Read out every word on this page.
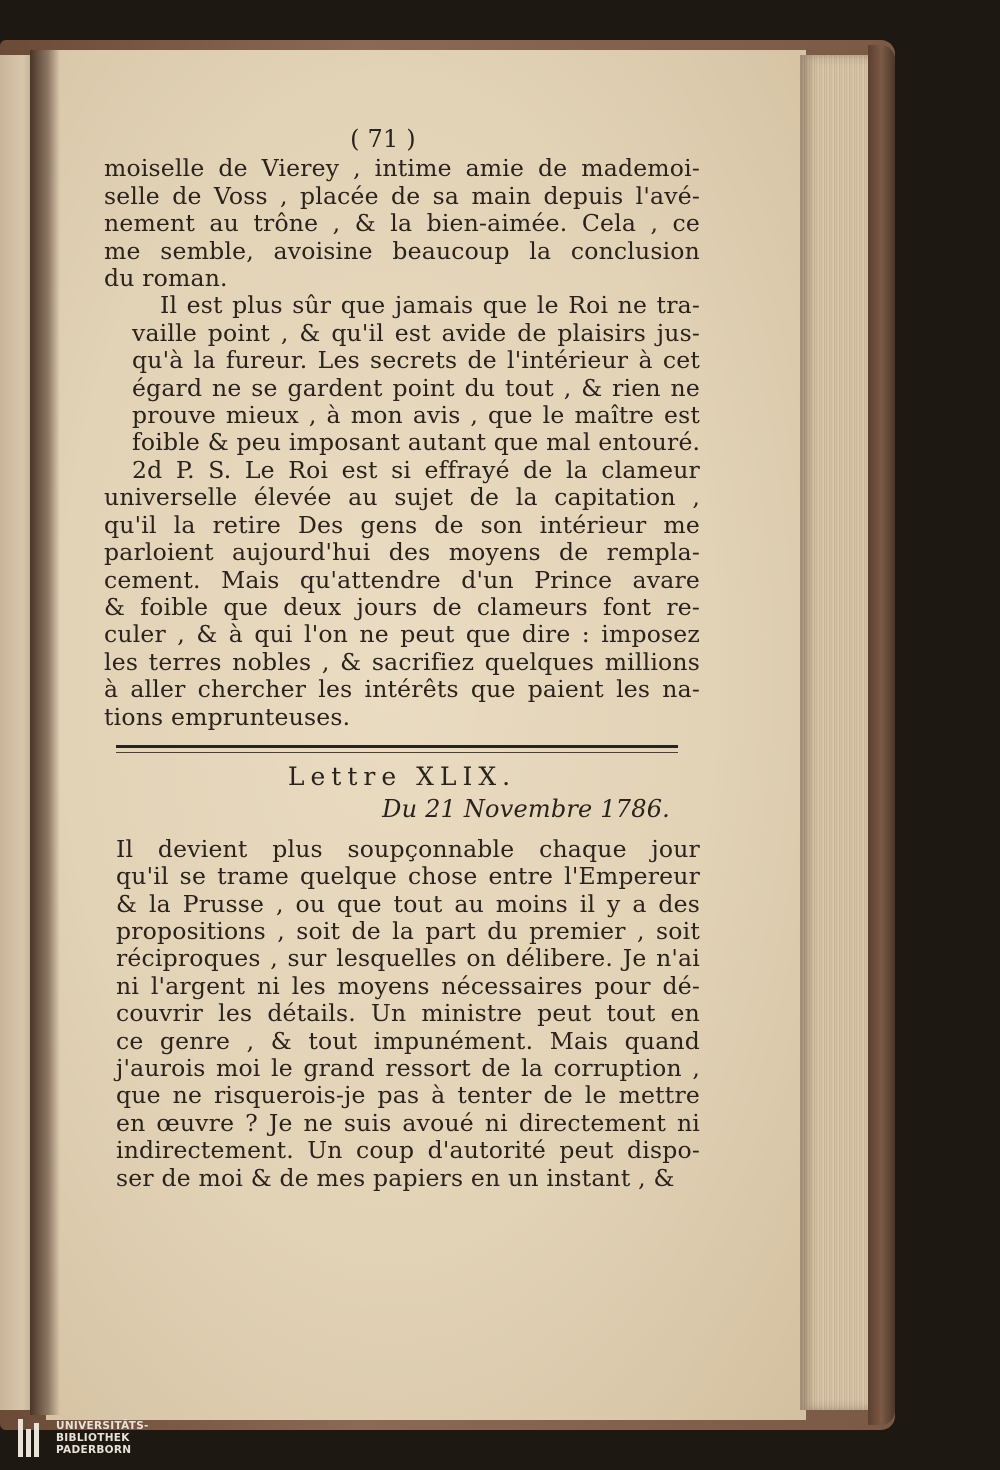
( 71 )
moiselle de Vierey , intime amie de mademoi-
selle de Voss , placée de sa main depuis l'avé-
nement au trône , & la bien-aimée. Cela , ce
me semble, avoisine beaucoup la conclusion
du roman.
Il est plus sûr que jamais que le Roi ne tra-
vaille point , & qu'il est avide de plaisirs jus-
qu'à la fureur. Les secrets de l'intérieur à cet
égard ne se gardent point du tout , & rien ne
prouve mieux , à mon avis , que le maître est
foible & peu imposant autant que mal entouré.
2d P. S. Le Roi est si effrayé de la clameur
universelle élevée au sujet de la capitation ,
qu'il la retire Des gens de son intérieur me
parloient aujourd'hui des moyens de rempla-
cement. Mais qu'attendre d'un Prince avare
& foible que deux jours de clameurs font re-
culer , & à qui l'on ne peut que dire : imposez
les terres nobles , & sacrifiez quelques millions
à aller chercher les intérêts que paient les na-
tions emprunteuses.
Lettre XLIX.
Du 21 Novembre 1786.
Il devient plus soupçonnable chaque jour
qu'il se trame quelque chose entre l'Empereur
& la Prusse , ou que tout au moins il y a des
propositions , soit de la part du premier , soit
réciproques , sur lesquelles on délibere. Je n'ai
ni l'argent ni les moyens nécessaires pour dé-
couvrir les détails. Un ministre peut tout en
ce genre , & tout impunément. Mais quand
j'aurois moi le grand ressort de la corruption ,
que ne risquerois-je pas à tenter de le mettre
en œuvre ? Je ne suis avoué ni directement ni
indirectement. Un coup d'autorité peut dispo-
ser de moi & de mes papiers en un instant , &
UNIVERSITÄTS-
BIBLIOTHEK
PADERBORN
